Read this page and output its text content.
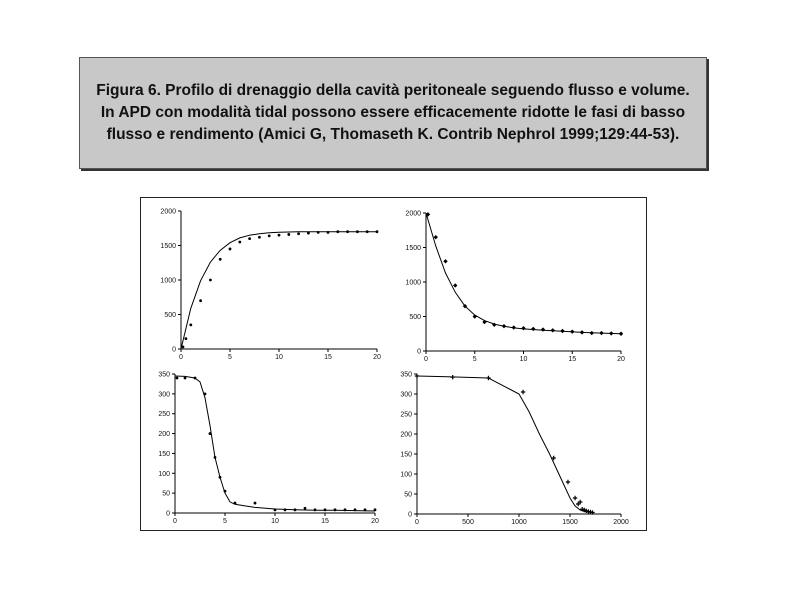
Figura 6. Profilo di drenaggio della cavità peritoneale seguendo flusso e volume. In APD con modalità tidal possono essere efficacemente ridotte le fasi di basso flusso e rendimento (Amici G, Thomaseth K. Contrib Nephrol 1999;129:44-53).
0	5	10	15	20
0
500
1000
1500
2000
0	5	10	15	20
0
500
1000
1500
2000
0	5	10	15	20
0
50
100
150
200
250
300
350
0	500	1000	1500	2000
0
50
100
150
200
250
300
350
